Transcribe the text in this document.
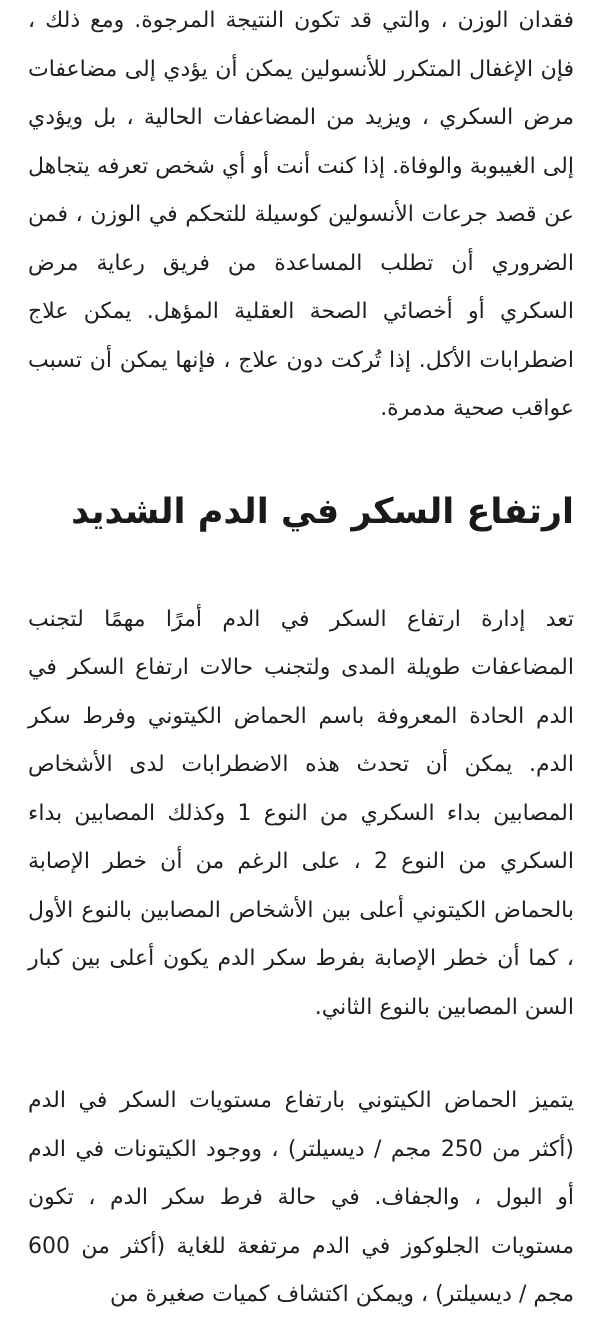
فقدان الوزن ، والتي قد تكون النتيجة المرجوة. ومع ذلك ، فإن الإغفال المتكرر للأنسولين يمكن أن يؤدي إلى مضاعفات مرض السكري ، ويزيد من المضاعفات الحالية ، بل ويؤدي إلى الغيبوبة والوفاة. إذا كنت أنت أو أي شخص تعرفه يتجاهل عن قصد جرعات الأنسولين كوسيلة للتحكم في الوزن ، فمن الضروري أن تطلب المساعدة من فريق رعاية مرض السكري أو أخصائي الصحة العقلية المؤهل. يمكن علاج اضطرابات الأكل. إذا تُركت دون علاج ، فإنها يمكن أن تسبب عواقب صحية مدمرة.

ارتفاع السكر في الدم الشديد

تعد إدارة ارتفاع السكر في الدم أمرًا مهمًا لتجنب المضاعفات طويلة المدى ولتجنب حالات ارتفاع السكر في الدم الحادة المعروفة باسم الحماض الكيتوني وفرط سكر الدم. يمكن أن تحدث هذه الاضطرابات لدى الأشخاص المصابين بداء السكري من النوع 1 وكذلك المصابين بداء السكري من النوع 2 ، على الرغم من أن خطر الإصابة بالحماض الكيتوني أعلى بين الأشخاص المصابين بالنوع الأول ، كما أن خطر الإصابة بفرط سكر الدم يكون أعلى بين كبار السن المصابين بالنوع الثاني.

يتميز الحماض الكيتوني بارتفاع مستويات السكر في الدم (أكثر من 250 مجم / ديسيلتر) ، ووجود الكيتونات في الدم أو البول ، والجفاف. في حالة فرط سكر الدم ، تكون مستويات الجلوكوز في الدم مرتفعة للغاية (أكثر من 600 مجم / ديسيلتر) ، ويمكن اكتشاف كميات صغيرة من
